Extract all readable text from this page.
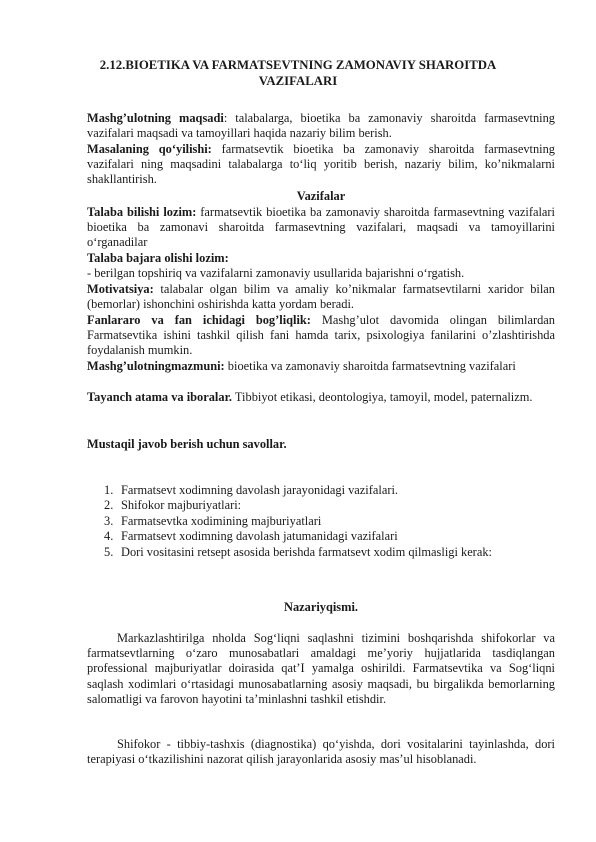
2.12.BIOETIKA VA FARMATSEVTNING ZAMONAVIY SHAROITDA
VAZIFALARI
Mashg’ulotning maqsadi: talabalarga, bioetika ba zamonaviy sharoitda farmasevtning vazifalari maqsadi va tamoyillari haqida nazariy bilim berish.
Masalaning qo‘yilishi: farmatsevtik bioetika ba zamonaviy sharoitda farmasevtning vazifalari ning maqsadini talabalarga to‘liq yoritib berish, nazariy bilim, ko’nikmalarni shakllantirish.
Vazifalar
Talaba bilishi lozim: farmatsevtik bioetika ba zamonaviy sharoitda farmasevtning vazifalari bioetika ba zamonavi sharoitda farmasevtning vazifalari, maqsadi va tamoyillarini o‘rganadilar
Talaba bajara olishi lozim:
- berilgan topshiriq va vazifalarni zamonaviy usullarida bajarishni o‘rgatish.
Motivatsiya: talabalar olgan bilim va amaliy ko’nikmalar farmatsevtilarni xaridor bilan (bemorlar) ishonchini oshirishda katta yordam beradi.
Fanlararo va fan ichidagi bog’liqlik: Mashg’ulot davomida olingan bilimlardan Farmatsevtika ishini tashkil qilish fani hamda tarix, psixologiya fanilarini o’zlashtirishda foydalanish mumkin.
Mashg’ulotningmazmuni: bioetika va zamonaviy sharoitda farmatsevtning vazifalari
Tayanch atama va iboralar. Tibbiyot etikasi, deontologiya, tamoyil, model, paternalizm.
Mustaqil javob berish uchun savollar.
1. Farmatsevt xodimning davolash jarayonidagi vazifalari.
2. Shifokor majburiyatlari:
3. Farmatsevtka xodimining majburiyatlari
4. Farmatsevt xodimning davolash jatumanidagi vazifalari
5. Dori vositasini retsept asosida berishda farmatsevt xodim qilmasligi kerak:
Nazariyqismi.
Markazlashtirilga nholda Sog‘liqni saqlashni tizimini boshqarishda shifokorlar va farmatsevtlarning o‘zaro munosabatlari amaldagi me’yoriy hujjatlarida tasdiqlangan professional majburiyatlar doirasida qat’I yamalga oshirildi. Farmatsevtika va Sog‘liqni saqlash xodimlari o‘rtasidagi munosabatlarning asosiy maqsadi, bu birgalikda bemorlarning salomatligi va farovon hayotini ta’minlashni tashkil etishdir.
Shifokor - tibbiy-tashxis (diagnostika) qo‘yishda, dori vositalarini tayinlashda, dori terapiyasi o‘tkazilishini nazorat qilish jarayonlarida asosiy mas’ul hisoblanadi.
